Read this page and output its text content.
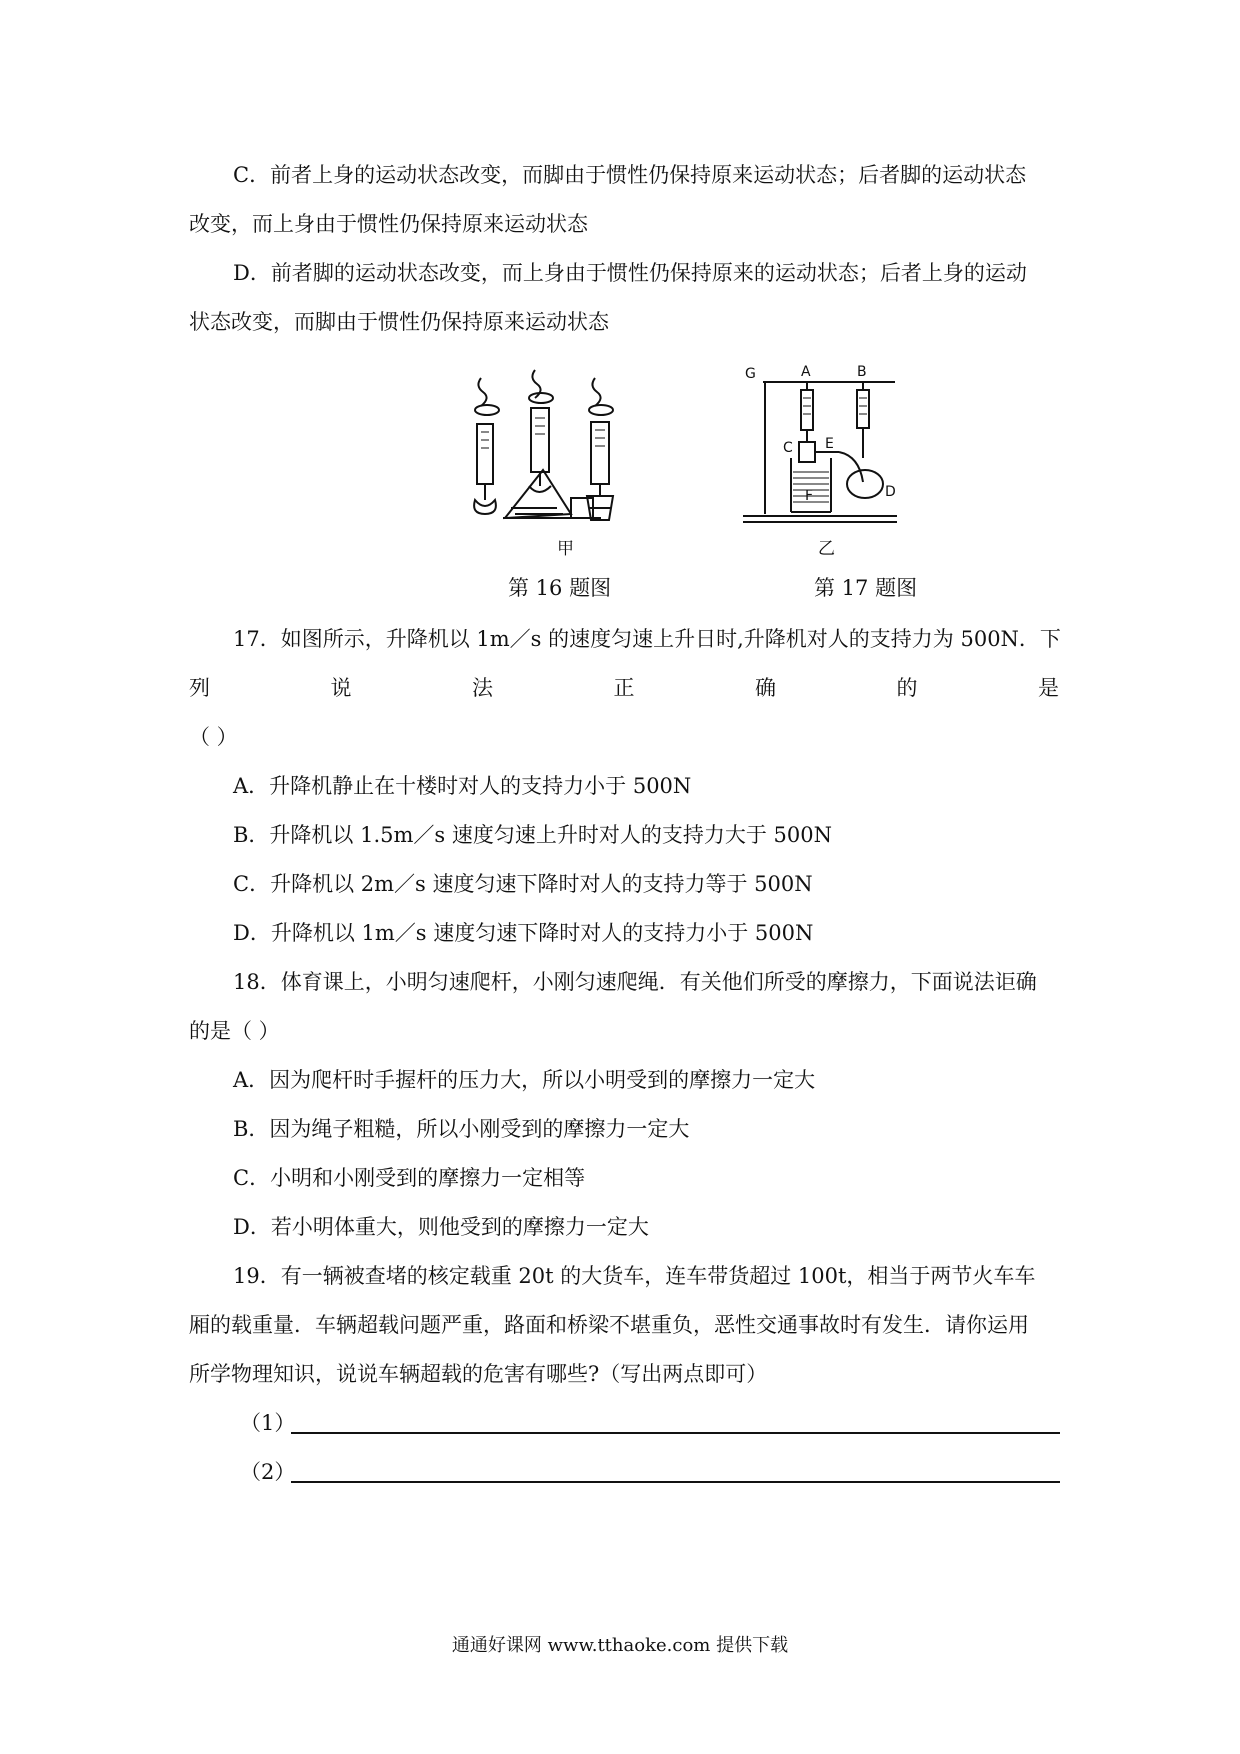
C．前者上身的运动状态改变，而脚由于惯性仍保持原来运动状态；后者脚的运动状态
改变，而上身由于惯性仍保持原来运动状态
D．前者脚的运动状态改变，而上身由于惯性仍保持原来的运动状态；后者上身的运动
状态改变，而脚由于惯性仍保持原来运动状态
甲
G	A	B
C E
F	D
乙
第 16 题图	第 17 题图
17．如图所示，升降机以 1m／s 的速度匀速上升日时,升降机对人的支持力为 500N．下
列	说	法	正	确	的	是
（ ）
A．升降机静止在十楼时对人的支持力小于 500N
B．升降机以 1.5m／s 速度匀速上升时对人的支持力大于 500N
C．升降机以 2m／s 速度匀速下降时对人的支持力等于 500N
D．升降机以 1m／s 速度匀速下降时对人的支持力小于 500N
18．体育课上，小明匀速爬杆，小刚匀速爬绳．有关他们所受的摩擦力，下面说法讵确
的是（ ）
A．因为爬杆时手握杆的压力大，所以小明受到的摩擦力一定大
B．因为绳子粗糙，所以小刚受到的摩擦力一定大
C．小明和小刚受到的摩擦力一定相等
D．若小明体重大，则他受到的摩擦力一定大
19．有一辆被查堵的核定载重 20t 的大货车，连车带货超过 100t，相当于两节火车车
厢的载重量．车辆超载问题严重，路面和桥梁不堪重负，恶性交通事故时有发生．请你运用
所学物理知识，说说车辆超载的危害有哪些?（写出两点即可）
（1）
（2）
通通好课网 www.tthaoke.com 提供下载
